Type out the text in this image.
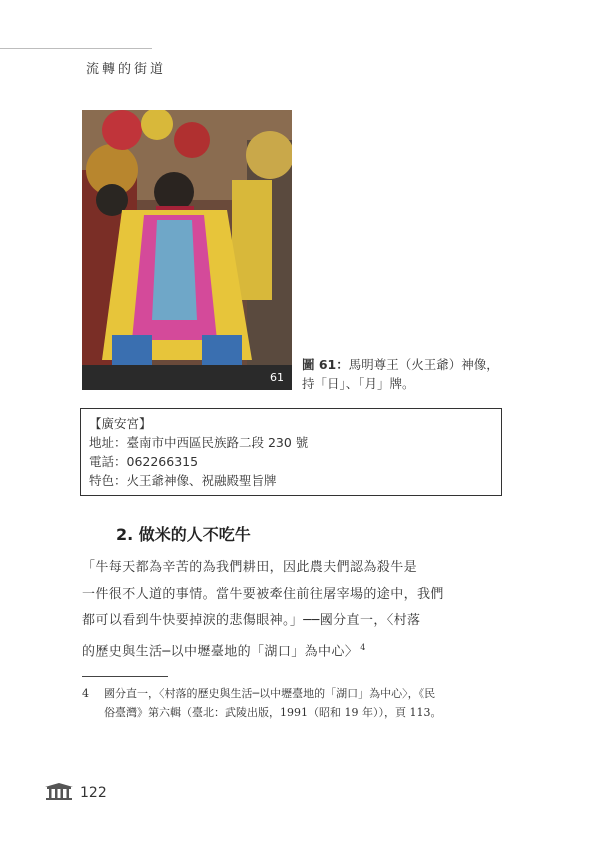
流轉的街道
61
圖 61：馬明尊王（火王爺）神像，
持「日」、「月」牌。
【廣安宮】
地址：臺南市中西區民族路二段 230 號
電話：062266315
特色：火王爺神像、祝融殿聖旨牌
2. 做米的人不吃牛
「牛每天都為辛苦的為我們耕田，因此農夫們認為殺牛是
一件很不人道的事情。當牛要被牽住前往屠宰場的途中，我們
都可以看到牛快要掉淚的悲傷眼神。」──國分直一，〈村落
的歷史與生活─以中壢臺地的「湖口」為中心〉 $^4$
4 國分直一，〈村落的歷史與生活─以中壢臺地的「湖口」為中心〉，《民
俗臺灣》第六輯（臺北：武陵出版，1991（昭和 19 年）），頁 113。
122
